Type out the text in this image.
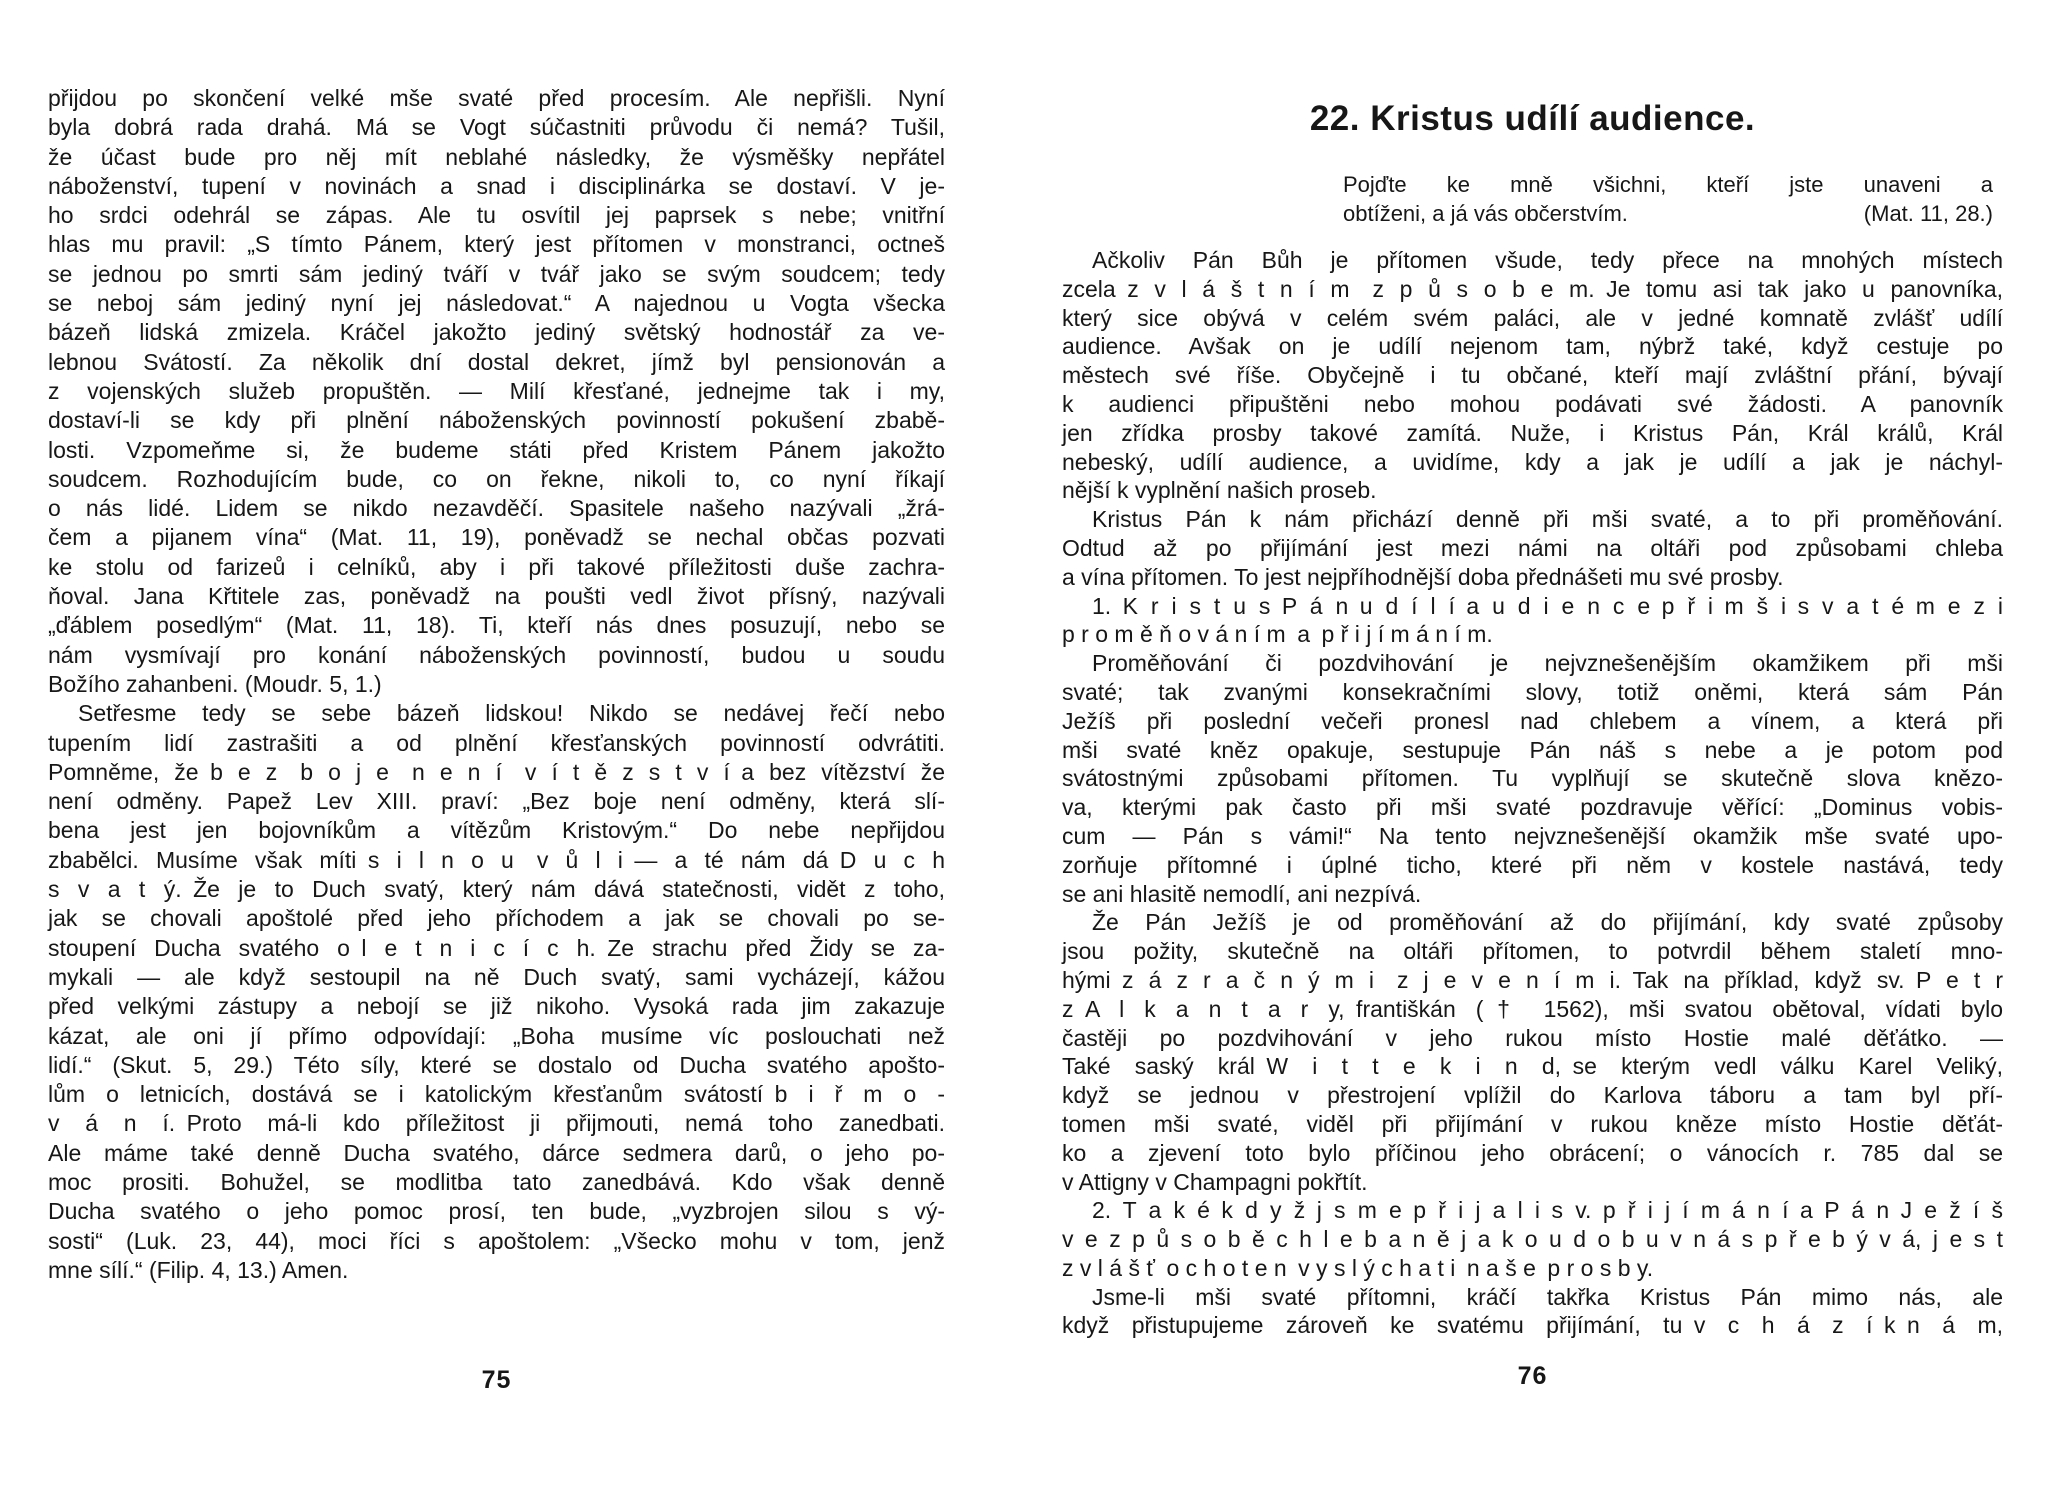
přijdou po skončení velké mše svaté před procesím. Ale nepřišli. Nyní
byla dobrá rada drahá. Má se Vogt súčastniti průvodu či nemá? Tušil,
že účast bude pro něj mít neblahé následky, že výsměšky nepřátel
náboženství, tupení v novinách a snad i disciplinárka se dostaví. V je-
ho srdci odehrál se zápas. Ale tu osvítil jej paprsek s nebe; vnitřní
hlas mu pravil: „S tímto Pánem, který jest přítomen v monstranci, octneš
se jednou po smrti sám jediný tváří v tvář jako se svým soudcem; tedy
se neboj sám jediný nyní jej následovat.“ A najednou u Vogta všecka
bázeň lidská zmizela. Kráčel jakožto jediný světský hodnostář za ve-
lebnou Svátostí. Za několik dní dostal dekret, jímž byl pensionován a
z vojenských služeb propuštěn. — Milí křesťané, jednejme tak i my,
dostaví-li se kdy při plnění náboženských povinností pokušení zbabě-
losti. Vzpomeňme si, že budeme státi před Kristem Pánem jakožto
soudcem. Rozhodujícím bude, co on řekne, nikoli to, co nyní říkají
o nás lidé. Lidem se nikdo nezavděčí. Spasitele našeho nazývali „žrá-
čem a pijanem vína“ (Mat. 11, 19), poněvadž se nechal občas pozvati
ke stolu od farizeů i celníků, aby i při takové příležitosti duše zachra-
ňoval. Jana Křtitele zas, poněvadž na poušti vedl život přísný, nazývali
„ďáblem posedlým“ (Mat. 11, 18). Ti, kteří nás dnes posuzují, nebo se
nám vysmívají pro konání náboženských povinností, budou u soudu
Božího zahanbeni. (Moudr. 5, 1.)
Setřesme tedy se sebe bázeň lidskou! Nikdo se nedávej řečí nebo
tupením lidí zastrašiti a od plnění křesťanských povinností odvrátiti.
Pomněme, že b e z b o j e n e n í v í t ě z s t v í a bez vítězství že
není odměny. Papež Lev XIII. praví: „Bez boje není odměny, která slí-
bena jest jen bojovníkům a vítězům Kristovým.“ Do nebe nepřijdou
zbabělci. Musíme však míti s i l n o u v ů l i — a té nám dá D u c h
s v a t ý. Že je to Duch svatý, který nám dává statečnosti, vidět z toho,
jak se chovali apoštolé před jeho příchodem a jak se chovali po se-
stoupení Ducha svatého o l e t n i c í c h. Ze strachu před Židy se za-
mykali — ale když sestoupil na ně Duch svatý, sami vycházejí, kážou
před velkými zástupy a nebojí se již nikoho. Vysoká rada jim zakazuje
kázat, ale oni jí přímo odpovídají: „Boha musíme víc poslouchati než
lidí.“ (Skut. 5, 29.) Této síly, které se dostalo od Ducha svatého apošto-
lům o letnicích, dostává se i katolickým křesťanům svátostí b i ř m o -
v á n í. Proto má-li kdo příležitost ji přijmouti, nemá toho zanedbati.
Ale máme také denně Ducha svatého, dárce sedmera darů, o jeho po-
moc prositi. Bohužel, se modlitba tato zanedbává. Kdo však denně
Ducha svatého o jeho pomoc prosí, ten bude, „vyzbrojen silou s vý-
sosti“ (Luk. 23, 44), moci říci s apoštolem: „Všecko mohu v tom, jenž
mne sílí.“ (Filip. 4, 13.) Amen.
75
22. Kristus udílí audience.
Pojďte ke mně všichni, kteří jste unaveni a
obtíženi, a já vás občerstvím.	(Mat. 11, 28.)
Ačkoliv Pán Bůh je přítomen všude, tedy přece na mnohých místech
zcela z v l á š t n í m z p ů s o b e m. Je tomu asi tak jako u panovníka,
který sice obývá v celém svém paláci, ale v jedné komnatě zvlášť udílí
audience. Avšak on je udílí nejenom tam, nýbrž také, když cestuje po
městech své říše. Obyčejně i tu občané, kteří mají zvláštní přání, bývají
k audienci připuštěni nebo mohou podávati své žádosti. A panovník
jen zřídka prosby takové zamítá. Nuže, i Kristus Pán, Král králů, Král
nebeský, udílí audience, a uvidíme, kdy a jak je udílí a jak je náchyl-
nější k vyplnění našich proseb.
Kristus Pán k nám přichází denně při mši svaté, a to při proměňování.
Odtud až po přijímání jest mezi námi na oltáři pod způsobami chleba
a vína přítomen. To jest nejpříhodnější doba přednášeti mu své prosby.
1. K r i s t u s P á n u d í l í a u d i e n c e p ř i m š i s v a t é m e z i
p r o m ě ň o v á n í m a p ř i j í m á n í m.
Proměňování či pozdvihování je nejvznešenějším okamžikem při mši
svaté; tak zvanými konsekračními slovy, totiž oněmi, která sám Pán
Ježíš při poslední večeři pronesl nad chlebem a vínem, a která při
mši svaté kněz opakuje, sestupuje Pán náš s nebe a je potom pod
svátostnými způsobami přítomen. Tu vyplňují se skutečně slova knězo-
va, kterými pak často při mši svaté pozdravuje věřící: „Dominus vobis-
cum — Pán s vámi!“ Na tento nejvznešenější okamžik mše svaté upo-
zorňuje přítomné i úplné ticho, které při něm v kostele nastává, tedy
se ani hlasitě nemodlí, ani nezpívá.
Že Pán Ježíš je od proměňování až do přijímání, kdy svaté způsoby
jsou požity, skutečně na oltáři přítomen, to potvrdil během staletí mno-
hými z á z r a č n ý m i z j e v e n í m i. Tak na příklad, když sv. P e t r
z A l k a n t a r y, františkán († 1562), mši svatou obětoval, vídati bylo
častěji po pozdvihování v jeho rukou místo Hostie malé děťátko. —
Také saský král W i t t e k i n d, se kterým vedl válku Karel Veliký,
když se jednou v přestrojení vplížil do Karlova táboru a tam byl pří-
tomen mši svaté, viděl při přijímání v rukou kněze místo Hostie děťát-
ko a zjevení toto bylo příčinou jeho obrácení; o vánocích r. 785 dal se
v Attigny v Champagni pokřtít.
2. T a k é k d y ž j s m e p ř i j a l i s v. p ř i j í m á n í a P á n J e ž í š
v e z p ů s o b ě c h l e b a n ě j a k o u d o b u v n á s p ř e b ý v á, j e s t
z v l á š ť o c h o t e n v y s l ý c h a t i n a š e p r o s b y.
Jsme-li mši svaté přítomni, kráčí takřka Kristus Pán mimo nás, ale
když přistupujeme zároveň ke svatému přijímání, tu v c h á z í k n á m,
76
